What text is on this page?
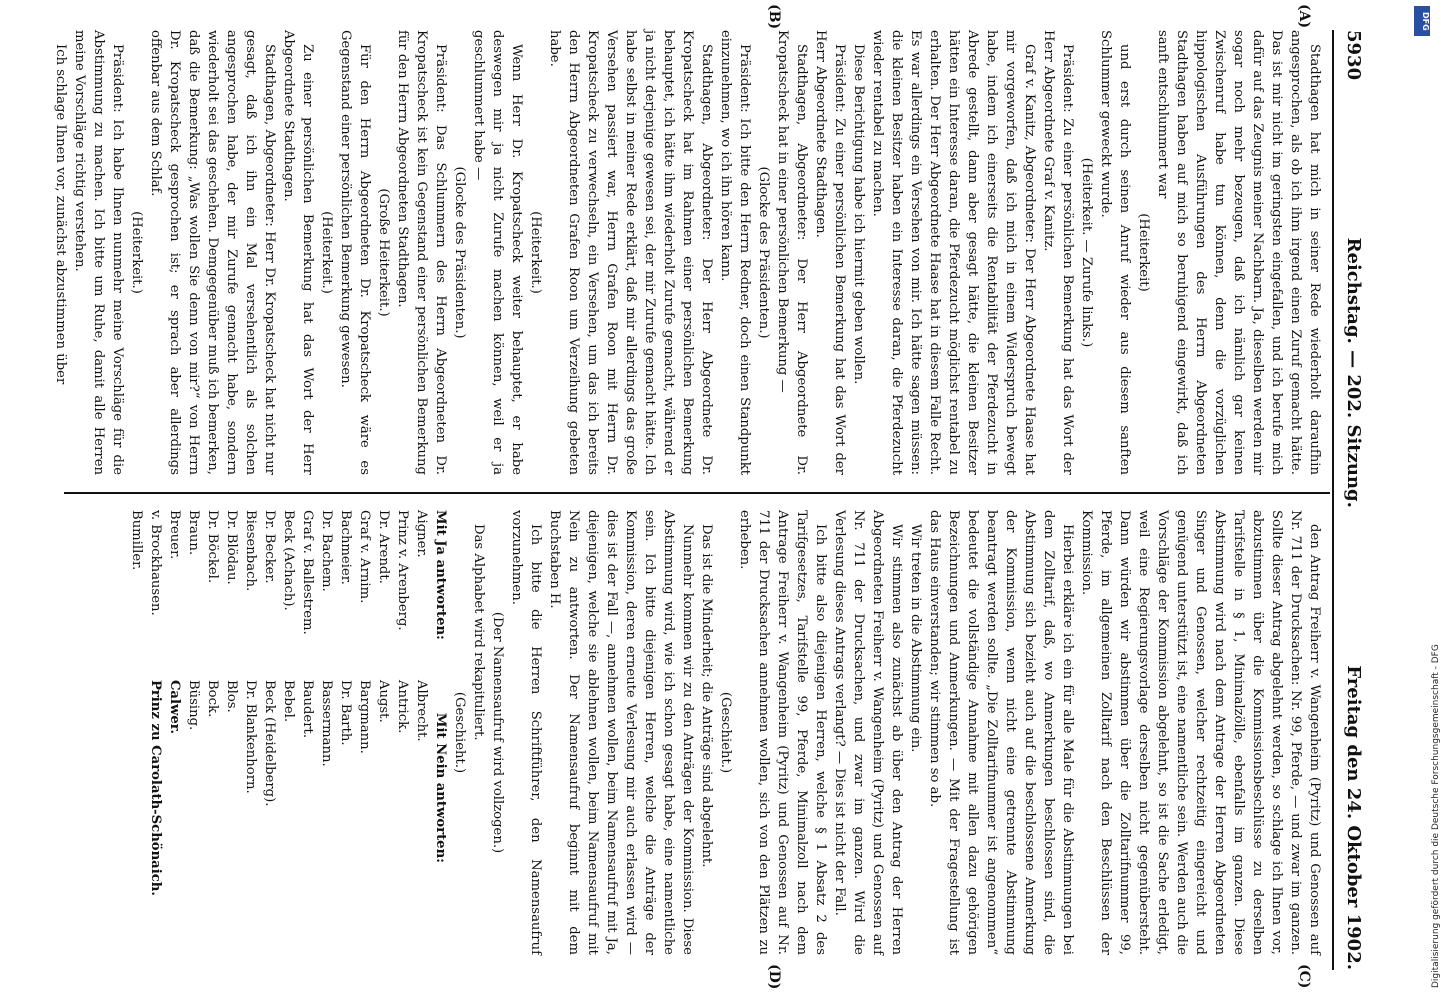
5930
Reichstag. — 202. Sitzung.
Freitag den 24. Oktober 1902.
(A)
(B)
(C)
(D)

Stadthagen hat mich in seiner Rede wiederholt daraufhin angesprochen, als ob ich ihm irgend einen Zuruf gemacht hätte. Das ist mir nicht im geringsten eingefallen, und ich berufe mich dafür auf das Zeugnis meiner Nachbarn. Ja, dieselben werden mir sogar noch mehr bezeugen, daß ich nämlich gar keinen Zwischenruf habe tun können, denn die vorzüglichen hippologischen Ausführungen des Herrn Abgeordneten Stadthagen haben auf mich so beruhigend eingewirkt, daß ich sanft entschlummert war

(Heiterkeit)

und erst durch seinen Anruf wieder aus diesem sanften Schlummer geweckt wurde.

(Heiterkeit. — Zurufe links.)

Präsident: Zu einer persönlichen Bemerkung hat das Wort der Herr Abgeordnete Graf v. Kanitz.

Graf v. Kanitz, Abgeordneter: Der Herr Abgeordnete Haase hat mir vorgeworfen, daß ich mich in einem Widerspruch bewegt habe, indem ich einerseits die Rentabilität der Pferdezucht in Abrede gestellt, dann aber gesagt hätte, die kleinen Besitzer hätten ein Interesse daran, die Pferdezucht möglichst rentabel zu erhalten. Der Herr Abgeordnete Haase hat in diesem Falle Recht. Es war allerdings ein Versehen von mir. Ich hätte sagen müssen: die kleinen Besitzer haben ein Interesse daran, die Pferdezucht wieder rentabel zu machen.

Diese Berichtigung habe ich hiermit geben wollen.

Präsident: Zu einer persönlichen Bemerkung hat das Wort der Herr Abgeordnete Stadthagen.

Stadthagen, Abgeordneter: Der Herr Abgeordnete Dr. Kropatscheck hat in einer persönlichen Bemerkung —

(Glocke des Präsidenten.)

Präsident: Ich bitte den Herrn Redner, doch einen Standpunkt einzunehmen, wo ich ihn hören kann.

Stadthagen, Abgeordneter: Der Herr Abgeordnete Dr. Kropatscheck hat im Rahmen einer persönlichen Bemerkung behauptet, ich hätte ihm wiederholt Zurufe gemacht, während er ja nicht derjenige gewesen sei, der mir Zurufe gemacht hätte. Ich habe selbst in meiner Rede erklärt, daß mir allerdings das große Versehen passiert war, Herrn Grafen Roon mit Herrn Dr. Kropatscheck zu verwechseln, ein Versehen, um das ich bereits den Herrn Abgeordneten Grafen Roon um Verzeihung gebeten habe.

(Heiterkeit.)

Wenn Herr Dr. Kropatscheck weiter behauptet, er habe deswegen mir ja nicht Zurufe machen können, weil er ja geschlummert habe —

(Glocke des Präsidenten.)

Präsident: Das Schlummern des Herrn Abgeordneten Dr. Kropatscheck ist kein Gegenstand einer persönlichen Bemerkung für den Herrn Abgeordneten Stadthagen.

(Große Heiterkeit.)

Für den Herrn Abgeordneten Dr. Kropatscheck wäre es Gegenstand einer persönlichen Bemerkung gewesen.

(Heiterkeit.)

Zu einer persönlichen Bemerkung hat das Wort der Herr Abgeordnete Stadthagen.

Stadthagen, Abgeordneter: Herr Dr. Kropatscheck hat nicht nur gesagt, daß ich ihn ein Mal versehentlich als solchen angesprochen habe, der mir Zurufe gemacht habe, sondern wiederholt sei das geschehen. Demgegenüber muß ich bemerken, daß die Bemerkung: „Was wollen Sie denn von mir?“ von Herrn Dr. Kropatscheck gesprochen ist; er sprach aber allerdings offenbar aus dem Schlaf.

(Heiterkeit.)

Präsident: Ich habe Ihnen nunmehr meine Vorschläge für die Abstimmung zu machen. Ich bitte um Ruhe, damit alle Herren meine Vorschläge richtig verstehen.

Ich schlage Ihnen vor, zunächst abzustimmen über

den Antrag Freiherr v. Wangenheim (Pyritz) und Genossen auf Nr. 711 der Drucksachen: Nr. 99, Pferde, — und zwar im ganzen. Sollte dieser Antrag abgelehnt werden, so schlage ich Ihnen vor, abzustimmen über die Kommissionsbeschlüsse zu derselben Tarifstelle in § 1, Minimalzölle, ebenfalls im ganzen. Diese Abstimmung wird nach dem Antrage der Herren Abgeordneten Singer und Genossen, welcher rechtzeitig eingereicht und genügend unterstützt ist, eine namentliche sein. Werden auch die Vorschläge der Kommission abgelehnt, so ist die Sache erledigt, weil eine Regierungsvorlage derselben nicht gegenübersteht. Dann würden wir abstimmen über die Zolltarifnummer 99, Pferde, im allgemeinen Zolltarif nach den Beschlüssen der Kommission.

Hierbei erkläre ich ein für alle Male für die Abstimmungen bei dem Zolltarif, daß, wo Anmerkungen beschlossen sind, die Abstimmung sich bezieht auch auf die beschlossene Anmerkung der Kommission, wenn nicht eine getrennte Abstimmung beantragt werden sollte. „Die Zolltarifnummer ist angenommen“ bedeutet die vollständige Annahme mit allen dazu gehörigen Bezeichnungen und Anmerkungen. — Mit der Fragestellung ist das Haus einverstanden; wir stimmen so ab.

Wir treten in die Abstimmung ein.

Wir stimmen also zunächst ab über den Antrag der Herren Abgeordneten Freiherr v. Wangenheim (Pyritz) und Genossen auf Nr. 711 der Drucksachen, und zwar im ganzen. Wird die Verlesung dieses Antrags verlangt? — Dies ist nicht der Fall.

Ich bitte also diejenigen Herren, welche § 1 Absatz 2 des Tarifgesetzes, Tarifstelle 99, Pferde, Minimalzoll nach dem Antrage Freiherr v. Wangenheim (Pyritz) und Genossen auf Nr. 711 der Drucksachen annehmen wollen, sich von den Plätzen zu erheben.

(Geschieht.)

Das ist die Minderheit; die Anträge sind abgelehnt.

Nunmehr kommen wir zu den Anträgen der Kommission. Diese Abstimmung wird, wie ich schon gesagt habe, eine namentliche sein. Ich bitte diejenigen Herren, welche die Anträge der Kommission, deren erneute Verlesung mir auch erlassen wird — dies ist der Fall —, annehmen wollen, beim Namensaufruf mit Ja, diejenigen, welche sie ablehnen wollen, beim Namensaufruf mit Nein zu antworten. Der Namensaufruf beginnt mit dem Buchstaben H.

Ich bitte die Herren Schriftführer, den Namensaufruf vorzunehmen.

(Der Namensaufruf wird vollzogen.)

Das Alphabet wird rekapituliert.

(Geschieht.)

Mit Ja antworten:

Aigner.
Prinz v. Arenberg.
Dr. Arendt.
Graf v. Arnim.
Bachmeier.
Dr. Bachem.
Graf v. Ballestrem.
Beck (Achach).
Dr. Becker.
Biesenbach.
Dr. Blödau.
Dr. Böckel.
Braun.
Breuer.
v. Brockhausen.
Bumiller.

Mit Nein antworten:

Albrecht.
Antrick.
Augst.
Bargmann.
Dr. Barth.
Bassermann.
Baudert.
Bebel.
Beck (Heidelberg).
Dr. Blankenhorn.
Blos.
Bock.
Büsing.
Calwer.
Prinz zu Carolath-Schönaich.
DFG
Digitalisierung gefördert durch die Deutsche Forschungsgemeinschaft - DFG
